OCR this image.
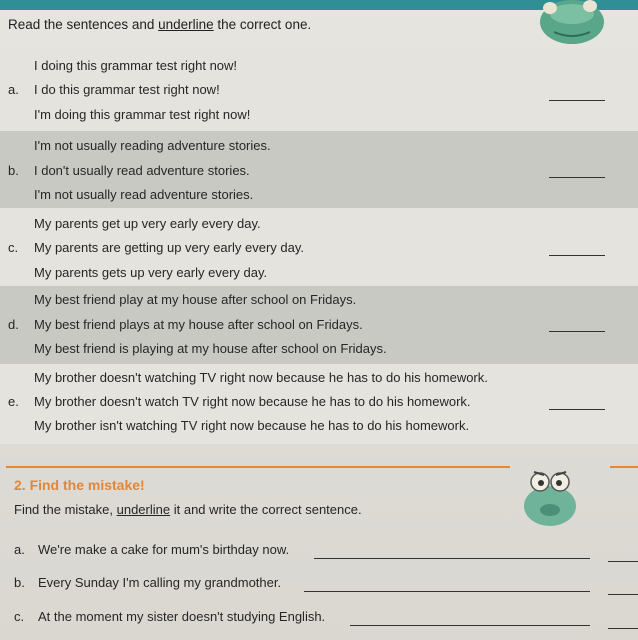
Read the sentences and underline the correct one.
I doing this grammar test right now!
a. I do this grammar test right now!
I'm doing this grammar test right now!
I'm not usually reading adventure stories.
b. I don't usually read adventure stories.
I'm not usually read adventure stories.
My parents get up very early every day.
c. My parents are getting up very early every day.
My parents gets up very early every day.
My best friend play at my house after school on Fridays.
d. My best friend plays at my house after school on Fridays.
My best friend is playing at my house after school on Fridays.
My brother doesn't watching TV right now because he has to do his homework.
e. My brother doesn't watch TV right now because he has to do his homework.
My brother isn't watching TV right now because he has to do his homework.
2. Find the mistake!
Find the mistake, underline it and write the correct sentence.
a. We're make a cake for mum's birthday now.
b. Every Sunday I'm calling my grandmother.
c. At the moment my sister doesn't studying English.
